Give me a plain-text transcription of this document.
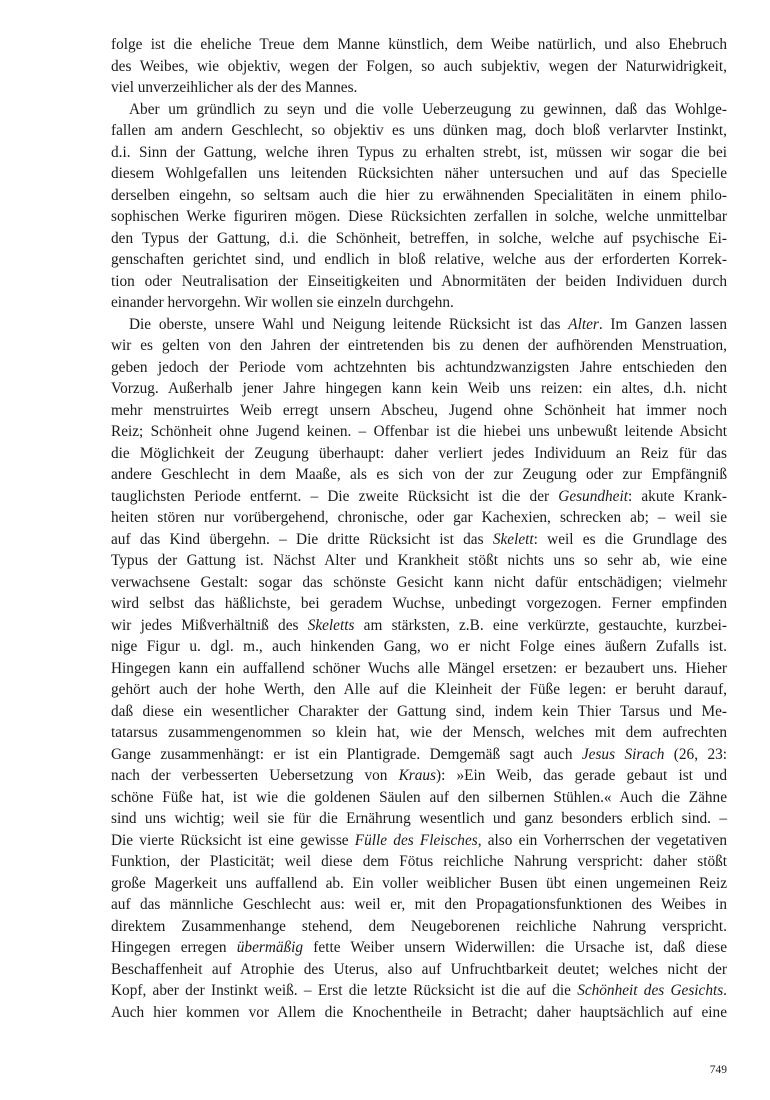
folge ist die eheliche Treue dem Manne künstlich, dem Weibe natürlich, und also Ehebruch
des Weibes, wie objektiv, wegen der Folgen, so auch subjektiv, wegen der Naturwidrigkeit,
viel unverzeihlicher als der des Mannes.
Aber um gründlich zu seyn und die volle Ueberzeugung zu gewinnen, daß das Wohlge-
fallen am andern Geschlecht, so objektiv es uns dünken mag, doch bloß verlarvter Instinkt,
d.i. Sinn der Gattung, welche ihren Typus zu erhalten strebt, ist, müssen wir sogar die bei
diesem Wohlgefallen uns leitenden Rücksichten näher untersuchen und auf das Specielle
derselben eingehn, so seltsam auch die hier zu erwähnenden Specialitäten in einem philo-
sophischen Werke figuriren mögen. Diese Rücksichten zerfallen in solche, welche unmittelbar
den Typus der Gattung, d.i. die Schönheit, betreffen, in solche, welche auf psychische Ei-
genschaften gerichtet sind, und endlich in bloß relative, welche aus der erforderten Korrek-
tion oder Neutralisation der Einseitigkeiten und Abnormitäten der beiden Individuen durch
einander hervorgehn. Wir wollen sie einzeln durchgehn.
Die oberste, unsere Wahl und Neigung leitende Rücksicht ist das Alter. Im Ganzen lassen
wir es gelten von den Jahren der eintretenden bis zu denen der aufhörenden Menstruation,
geben jedoch der Periode vom achtzehnten bis achtundzwanzigsten Jahre entschieden den
Vorzug. Außerhalb jener Jahre hingegen kann kein Weib uns reizen: ein altes, d.h. nicht
mehr menstruirtes Weib erregt unsern Abscheu, Jugend ohne Schönheit hat immer noch
Reiz; Schönheit ohne Jugend keinen. – Offenbar ist die hiebei uns unbewußt leitende Absicht
die Möglichkeit der Zeugung überhaupt: daher verliert jedes Individuum an Reiz für das
andere Geschlecht in dem Maaße, als es sich von der zur Zeugung oder zur Empfängniß
tauglichsten Periode entfernt. – Die zweite Rücksicht ist die der Gesundheit: akute Krank-
heiten stören nur vorübergehend, chronische, oder gar Kachexien, schrecken ab; – weil sie
auf das Kind übergehn. – Die dritte Rücksicht ist das Skelett: weil es die Grundlage des
Typus der Gattung ist. Nächst Alter und Krankheit stößt nichts uns so sehr ab, wie eine
verwachsene Gestalt: sogar das schönste Gesicht kann nicht dafür entschädigen; vielmehr
wird selbst das häßlichste, bei geradem Wuchse, unbedingt vorgezogen. Ferner empfinden
wir jedes Mißverhältniß des Skeletts am stärksten, z.B. eine verkürzte, gestauchte, kurzbei-
nige Figur u. dgl. m., auch hinkenden Gang, wo er nicht Folge eines äußern Zufalls ist.
Hingegen kann ein auffallend schöner Wuchs alle Mängel ersetzen: er bezaubert uns. Hieher
gehört auch der hohe Werth, den Alle auf die Kleinheit der Füße legen: er beruht darauf,
daß diese ein wesentlicher Charakter der Gattung sind, indem kein Thier Tarsus und Me-
tatarsus zusammengenommen so klein hat, wie der Mensch, welches mit dem aufrechten
Gange zusammenhängt: er ist ein Plantigrade. Demgemäß sagt auch Jesus Sirach (26, 23:
nach der verbesserten Uebersetzung von Kraus): »Ein Weib, das gerade gebaut ist und
schöne Füße hat, ist wie die goldenen Säulen auf den silbernen Stühlen.« Auch die Zähne
sind uns wichtig; weil sie für die Ernährung wesentlich und ganz besonders erblich sind. –
Die vierte Rücksicht ist eine gewisse Fülle des Fleisches, also ein Vorherrschen der vegetativen
Funktion, der Plasticität; weil diese dem Fötus reichliche Nahrung verspricht: daher stößt
große Magerkeit uns auffallend ab. Ein voller weiblicher Busen übt einen ungemeinen Reiz
auf das männliche Geschlecht aus: weil er, mit den Propagationsfunktionen des Weibes in
direktem Zusammenhange stehend, dem Neugeborenen reichliche Nahrung verspricht.
Hingegen erregen übermäßig fette Weiber unsern Widerwillen: die Ursache ist, daß diese
Beschaffenheit auf Atrophie des Uterus, also auf Unfruchtbarkeit deutet; welches nicht der
Kopf, aber der Instinkt weiß. – Erst die letzte Rücksicht ist die auf die Schönheit des Gesichts.
Auch hier kommen vor Allem die Knochentheile in Betracht; daher hauptsächlich auf eine
749
